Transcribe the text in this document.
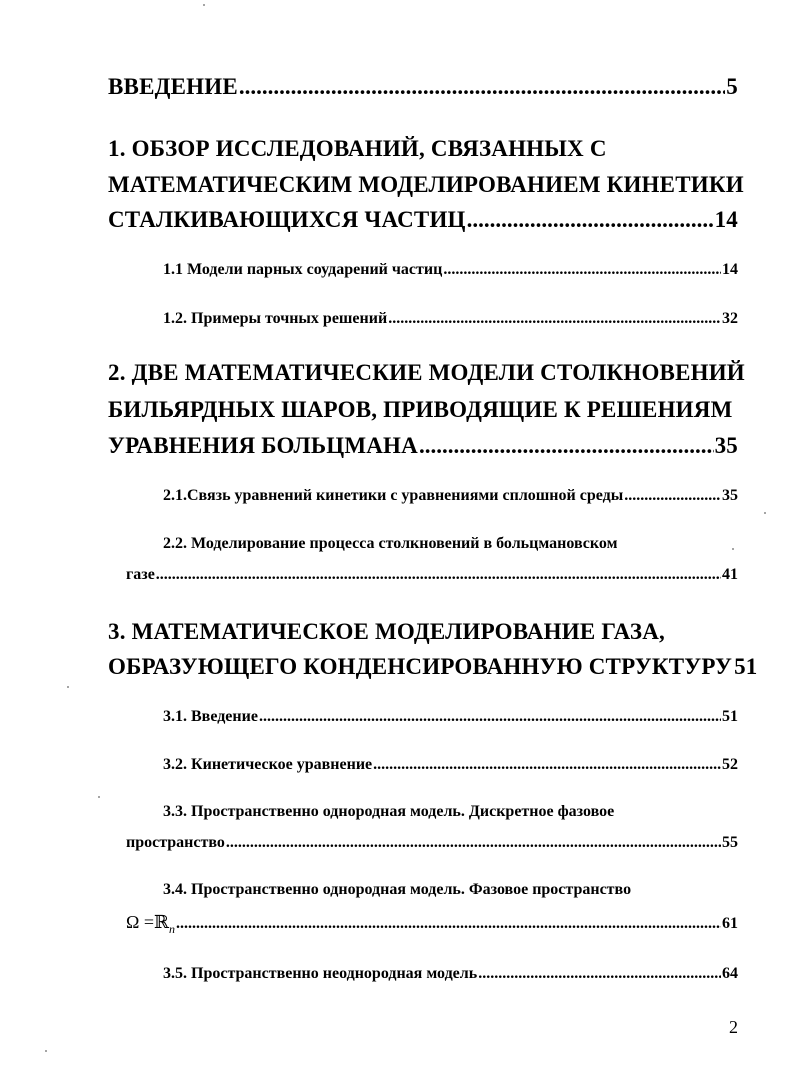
ВВЕДЕНИЕ .....	5
1. ОБЗОР ИССЛЕДОВАНИЙ, СВЯЗАННЫХ С
МАТЕМАТИЧЕСКИМ МОДЕЛИРОВАНИЕМ КИНЕТИКИ
СТАЛКИВАЮЩИХСЯ ЧАСТИЦ .....	14
1.1 Модели парных соударений частиц .....	14
1.2. Примеры точных решений .....	32
2. ДВЕ МАТЕМАТИЧЕСКИЕ МОДЕЛИ СТОЛКНОВЕНИЙ
БИЛЬЯРДНЫХ ШАРОВ, ПРИВОДЯЩИЕ К РЕШЕНИЯМ
УРАВНЕНИЯ БОЛЬЦМАНА .....	35
2.1.Связь уравнений кинетики с уравнениями сплошной среды .....	35
2.2. Моделирование процесса столкновений в больцмановском
газе .....	41
3. МАТЕМАТИЧЕСКОЕ МОДЕЛИРОВАНИЕ ГАЗА,
ОБРАЗУЮЩЕГО КОНДЕНСИРОВАННУЮ СТРУКТУРУ 51
3.1. Введение .....	51
3.2. Кинетическое уравнение .....	52
3.3. Пространственно однородная модель. Дискретное фазовое
пространство .....	55
3.4. Пространственно однородная модель. Фазовое пространство
Ω =ℝ$_n$ .....	61
3.5. Пространственно неоднородная модель .....	64
2
